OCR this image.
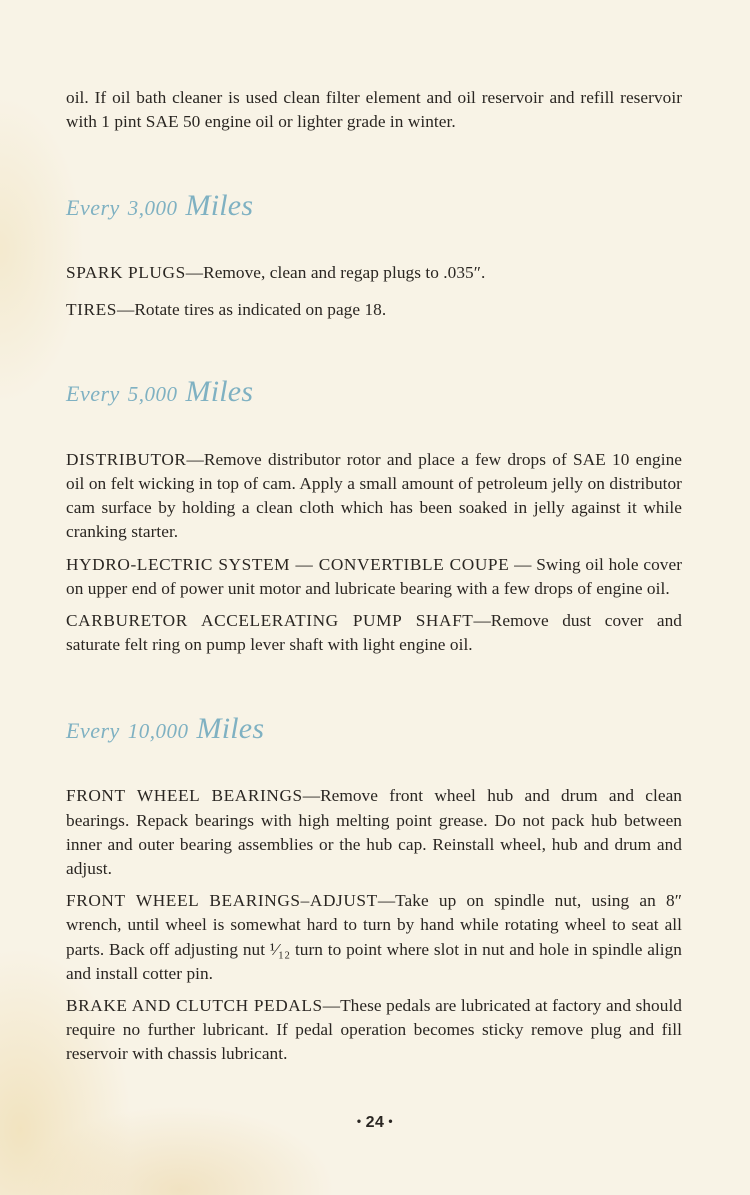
oil. If oil bath cleaner is used clean filter element and oil reservoir and refill reservoir with 1 pint SAE 50 engine oil or lighter grade in winter.

Every 3,000 Miles

SPARK PLUGS—Remove, clean and regap plugs to .035″.

TIRES—Rotate tires as indicated on page 18.

Every 5,000 Miles

DISTRIBUTOR—Remove distributor rotor and place a few drops of SAE 10 engine oil on felt wicking in top of cam. Apply a small amount of petroleum jelly on distributor cam surface by holding a clean cloth which has been soaked in jelly against it while cranking starter.

HYDRO-LECTRIC SYSTEM — CONVERTIBLE COUPE — Swing oil hole cover on upper end of power unit motor and lubricate bearing with a few drops of engine oil.

CARBURETOR ACCELERATING PUMP SHAFT—Remove dust cover and saturate felt ring on pump lever shaft with light engine oil.

Every 10,000 Miles

FRONT WHEEL BEARINGS—Remove front wheel hub and drum and clean bearings. Repack bearings with high melting point grease. Do not pack hub between inner and outer bearing assemblies or the hub cap. Reinstall wheel, hub and drum and adjust.

FRONT WHEEL BEARINGS–ADJUST—Take up on spindle nut, using an 8″ wrench, until wheel is somewhat hard to turn by hand while rotating wheel to seat all parts. Back off adjusting nut ¹⁄₁₂ turn to point where slot in nut and hole in spindle align and install cotter pin.

BRAKE AND CLUTCH PEDALS—These pedals are lubricated at factory and should require no further lubricant. If pedal operation becomes sticky remove plug and fill reservoir with chassis lubricant.

• 24 •
